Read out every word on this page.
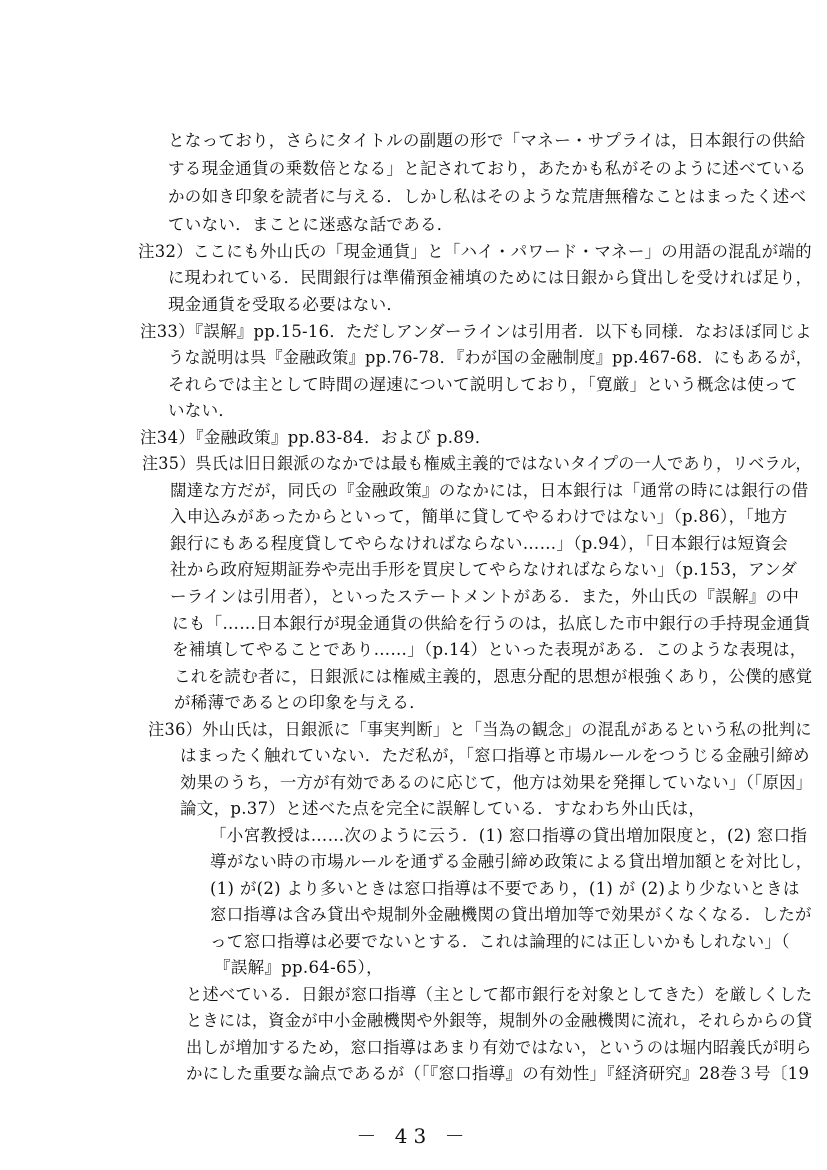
となっており，さらにタイトルの副題の形で「マネー・サプライは，日本銀行の供給
する現金通貨の乗数倍となる」と記されており，あたかも私がそのように述べている
かの如き印象を読者に与える．しかし私はそのような荒唐無稽なことはまったく述べ
ていない．まことに迷惑な話である．
注32）ここにも外山氏の「現金通貨」と「ハイ・パワード・マネー」の用語の混乱が端的
に現われている．民間銀行は準備預金補填のためには日銀から貸出しを受ければ足り，
現金通貨を受取る必要はない．
注33）『誤解』pp.15-16．ただしアンダーラインは引用者．以下も同様．なおほぼ同じよ
うな説明は呉『金融政策』pp.76-78．『わが国の金融制度』pp.467-68．にもあるが，
それらでは主として時間の遅速について説明しており，「寛厳」という概念は使って
いない．
注34）『金融政策』pp.83-84．および p.89．
注35）呉氏は旧日銀派のなかでは最も権威主義的ではないタイプの一人であり，リベラル，
闊達な方だが，同氏の『金融政策』のなかには，日本銀行は「通常の時には銀行の借
入申込みがあったからといって，簡単に貸してやるわけではない」（p.86），「地方
銀行にもある程度貸してやらなければならない……」（p.94），「日本銀行は短資会
社から政府短期証券や売出手形を買戻してやらなければならない」（p.153，アンダ
ーラインは引用者），といったステートメントがある．また，外山氏の『誤解』の中
にも「……日本銀行が現金通貨の供給を行うのは，払底した市中銀行の手持現金通貨
を補填してやることであり……」（p.14）といった表現がある．このような表現は，
これを読む者に，日銀派には権威主義的，恩恵分配的思想が根強くあり，公僕的感覚
が稀薄であるとの印象を与える．
注36）外山氏は，日銀派に「事実判断」と「当為の観念」の混乱があるという私の批判に
はまったく触れていない．ただ私が，「窓口指導と市場ルールをつうじる金融引締め
効果のうち，一方が有効であるのに応じて，他方は効果を発揮していない」（「原因」
論文，p.37）と述べた点を完全に誤解している．すなわち外山氏は，
「小宮教授は……次のように云う．(1) 窓口指導の貸出増加限度と，(2) 窓口指
導がない時の市場ルールを通ずる金融引締め政策による貸出増加額とを対比し，
(1) が(2) より多いときは窓口指導は不要であり，(1) が (2)より少ないときは
窓口指導は含み貸出や規制外金融機関の貸出増加等で効果がくなくなる．したが
って窓口指導は必要でないとする．これは論理的には正しいかもしれない」（
『誤解』pp.64-65），
と述べている．日銀が窓口指導（主として都市銀行を対象としてきた）を厳しくした
ときには，資金が中小金融機関や外銀等，規制外の金融機関に流れ，それらからの貸
出しが増加するため，窓口指導はあまり有効ではない，というのは堀内昭義氏が明ら
かにした重要な論点であるが（「『窓口指導』の有効性」『経済研究』28巻３号〔19
－ 43 －
